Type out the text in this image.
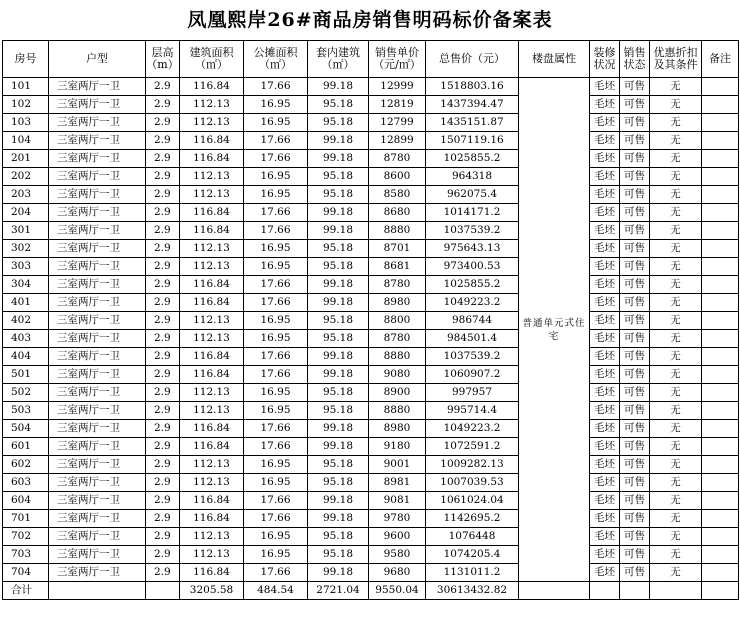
凤凰熙岸26#商品房销售明码标价备案表
房号	户型	层高（m）	建筑面积（㎡）	公摊面积（㎡）	套内建筑（㎡）	销售单价（元/㎡）	总售价（元）	楼盘属性	装修状况	销售状态	优惠折扣及其条件	备注
101	三室两厅一卫	2.9	116.84	17.66	99.18	12999	1518803.16	普通单元式住宅	毛坯	可售	无	
102	三室两厅一卫	2.9	112.13	16.95	95.18	12819	1437394.47		毛坯	可售	无	
103	三室两厅一卫	2.9	112.13	16.95	95.18	12799	1435151.87		毛坯	可售	无	
104	三室两厅一卫	2.9	116.84	17.66	99.18	12899	1507119.16		毛坯	可售	无	
201	三室两厅一卫	2.9	116.84	17.66	99.18	8780	1025855.2		毛坯	可售	无	
202	三室两厅一卫	2.9	112.13	16.95	95.18	8600	964318		毛坯	可售	无	
203	三室两厅一卫	2.9	112.13	16.95	95.18	8580	962075.4		毛坯	可售	无	
204	三室两厅一卫	2.9	116.84	17.66	99.18	8680	1014171.2		毛坯	可售	无	
301	三室两厅一卫	2.9	116.84	17.66	99.18	8880	1037539.2		毛坯	可售	无	
302	三室两厅一卫	2.9	112.13	16.95	95.18	8701	975643.13		毛坯	可售	无	
303	三室两厅一卫	2.9	112.13	16.95	95.18	8681	973400.53		毛坯	可售	无	
304	三室两厅一卫	2.9	116.84	17.66	99.18	8780	1025855.2		毛坯	可售	无	
401	三室两厅一卫	2.9	116.84	17.66	99.18	8980	1049223.2		毛坯	可售	无	
402	三室两厅一卫	2.9	112.13	16.95	95.18	8800	986744		毛坯	可售	无	
403	三室两厅一卫	2.9	112.13	16.95	95.18	8780	984501.4		毛坯	可售	无	
404	三室两厅一卫	2.9	116.84	17.66	99.18	8880	1037539.2		毛坯	可售	无	
501	三室两厅一卫	2.9	116.84	17.66	99.18	9080	1060907.2		毛坯	可售	无	
502	三室两厅一卫	2.9	112.13	16.95	95.18	8900	997957		毛坯	可售	无	
503	三室两厅一卫	2.9	112.13	16.95	95.18	8880	995714.4		毛坯	可售	无	
504	三室两厅一卫	2.9	116.84	17.66	99.18	8980	1049223.2		毛坯	可售	无	
601	三室两厅一卫	2.9	116.84	17.66	99.18	9180	1072591.2		毛坯	可售	无	
602	三室两厅一卫	2.9	112.13	16.95	95.18	9001	1009282.13		毛坯	可售	无	
603	三室两厅一卫	2.9	112.13	16.95	95.18	8981	1007039.53		毛坯	可售	无	
604	三室两厅一卫	2.9	116.84	17.66	99.18	9081	1061024.04		毛坯	可售	无	
701	三室两厅一卫	2.9	116.84	17.66	99.18	9780	1142695.2		毛坯	可售	无	
702	三室两厅一卫	2.9	112.13	16.95	95.18	9600	1076448		毛坯	可售	无	
703	三室两厅一卫	2.9	112.13	16.95	95.18	9580	1074205.4		毛坯	可售	无	
704	三室两厅一卫	2.9	116.84	17.66	99.18	9680	1131011.2		毛坯	可售	无	
合计			3205.58	484.54	2721.04	9550.04	30613432.82					
